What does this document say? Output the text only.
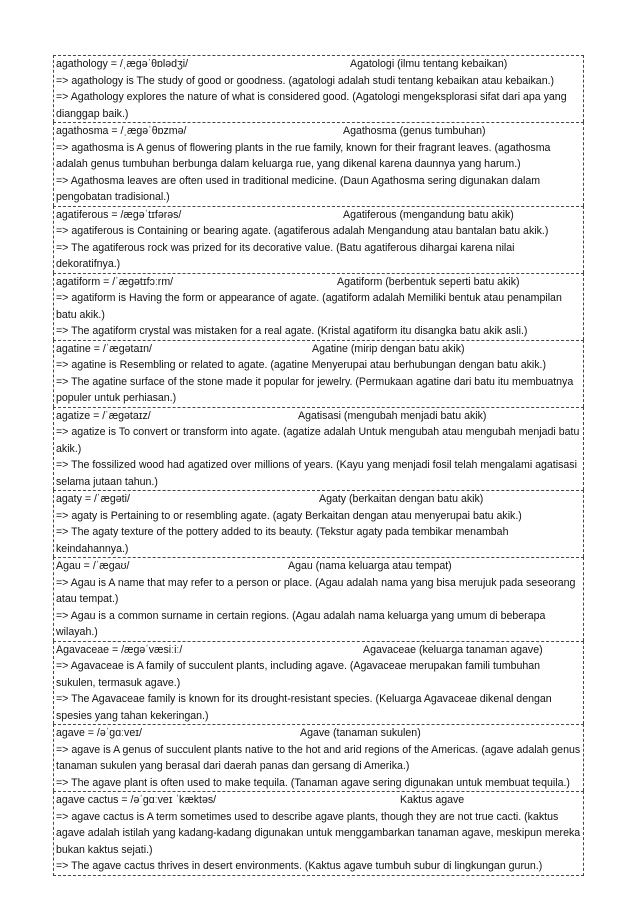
agathology = /ˌæɡəˈθɒlədʒi/	Agatologi (ilmu tentang kebaikan)

=> agathology is The study of good or goodness. (agatologi adalah studi tentang kebaikan atau kebaikan.)

=> Agathology explores the nature of what is considered good. (Agatologi mengeksplorasi sifat dari apa yang dianggap baik.)

agathosma = /ˌæɡəˈθɒzmə/	Agathosma (genus tumbuhan)

=> agathosma is A genus of flowering plants in the rue family, known for their fragrant leaves. (agathosma adalah genus tumbuhan berbunga dalam keluarga rue, yang dikenal karena daunnya yang harum.)

=> Agathosma leaves are often used in traditional medicine. (Daun Agathosma sering digunakan dalam pengobatan tradisional.)

agatiferous = /æɡəˈtɪfərəs/	Agatiferous (mengandung batu akik)

=> agatiferous is Containing or bearing agate. (agatiferous adalah Mengandung atau bantalan batu akik.)

=> The agatiferous rock was prized for its decorative value. (Batu agatiferous dihargai karena nilai dekoratifnya.)

agatiform = /ˈæɡətɪfɔːrm/	Agatiform (berbentuk seperti batu akik)

=> agatiform is Having the form or appearance of agate. (agatiform adalah Memiliki bentuk atau penampilan batu akik.)

=> The agatiform crystal was mistaken for a real agate. (Kristal agatiform itu disangka batu akik asli.)

agatine = /ˈæɡətaɪn/	Agatine (mirip dengan batu akik)

=> agatine is Resembling or related to agate. (agatine Menyerupai atau berhubungan dengan batu akik.)

=> The agatine surface of the stone made it popular for jewelry. (Permukaan agatine dari batu itu membuatnya populer untuk perhiasan.)

agatize = /ˈæɡətaɪz/	Agatisasi (mengubah menjadi batu akik)

=> agatize is To convert or transform into agate. (agatize adalah Untuk mengubah atau mengubah menjadi batu akik.)

=> The fossilized wood had agatized over millions of years. (Kayu yang menjadi fosil telah mengalami agatisasi selama jutaan tahun.)

agaty = /ˈæɡəti/	Agaty (berkaitan dengan batu akik)

=> agaty is Pertaining to or resembling agate. (agaty Berkaitan dengan atau menyerupai batu akik.)

=> The agaty texture of the pottery added to its beauty. (Tekstur agaty pada tembikar menambah keindahannya.)

Agau = /ˈæɡaʊ/	Agau (nama keluarga atau tempat)

=> Agau is A name that may refer to a person or place. (Agau adalah nama yang bisa merujuk pada seseorang atau tempat.)

=> Agau is a common surname in certain regions. (Agau adalah nama keluarga yang umum di beberapa wilayah.)

Agavaceae = /æɡəˈvæsiːiː/	Agavaceae (keluarga tanaman agave)

=> Agavaceae is A family of succulent plants, including agave. (Agavaceae merupakan famili tumbuhan sukulen, termasuk agave.)

=> The Agavaceae family is known for its drought-resistant species. (Keluarga Agavaceae dikenal dengan spesies yang tahan kekeringan.)

agave = /əˈɡɑːveɪ/	Agave (tanaman sukulen)

=> agave is A genus of succulent plants native to the hot and arid regions of the Americas. (agave adalah genus tanaman sukulen yang berasal dari daerah panas dan gersang di Amerika.)

=> The agave plant is often used to make tequila. (Tanaman agave sering digunakan untuk membuat tequila.)

agave cactus = /əˈɡɑːveɪ ˈkæktəs/	Kaktus agave

=> agave cactus is A term sometimes used to describe agave plants, though they are not true cacti. (kaktus agave adalah istilah yang kadang-kadang digunakan untuk menggambarkan tanaman agave, meskipun mereka bukan kaktus sejati.)

=> The agave cactus thrives in desert environments. (Kaktus agave tumbuh subur di lingkungan gurun.)
